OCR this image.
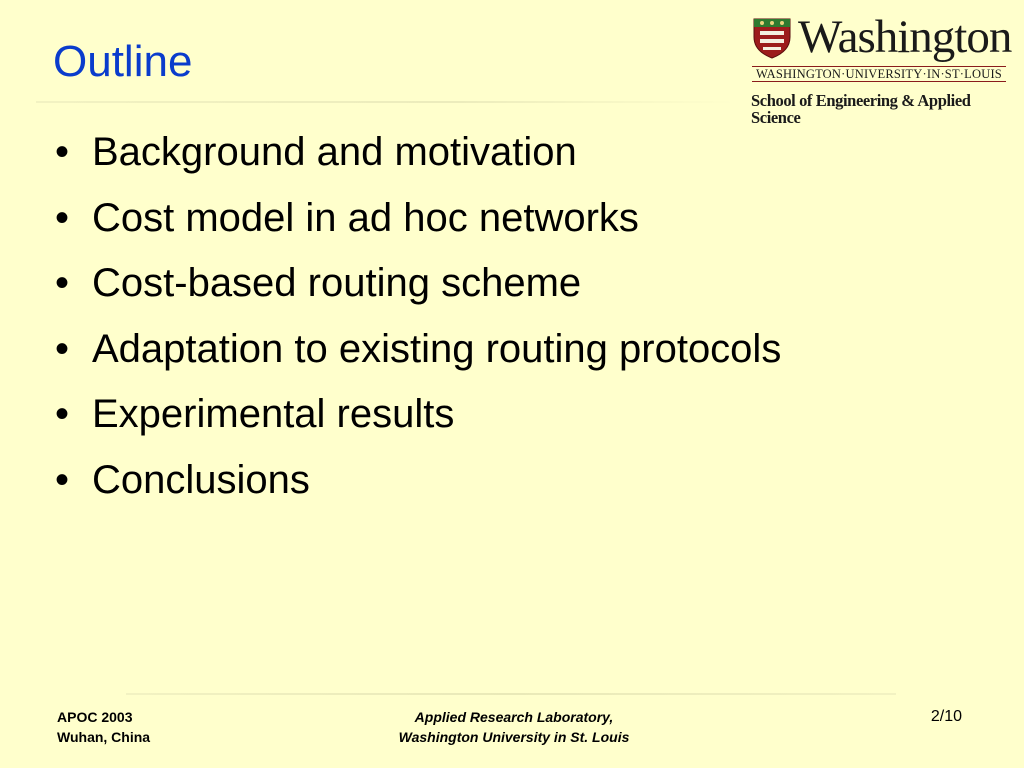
Outline	Washington
WASHINGTON·UNIVERSITY·IN·ST·LOUIS
School of Engineering & Applied Science
• Background and motivation
• Cost model in ad hoc networks
• Cost-based routing scheme
• Adaptation to existing routing protocols
• Experimental results
• Conclusions
APOC 2003
Wuhan, China
Applied Research Laboratory,
Washington University in St. Louis
2/10
